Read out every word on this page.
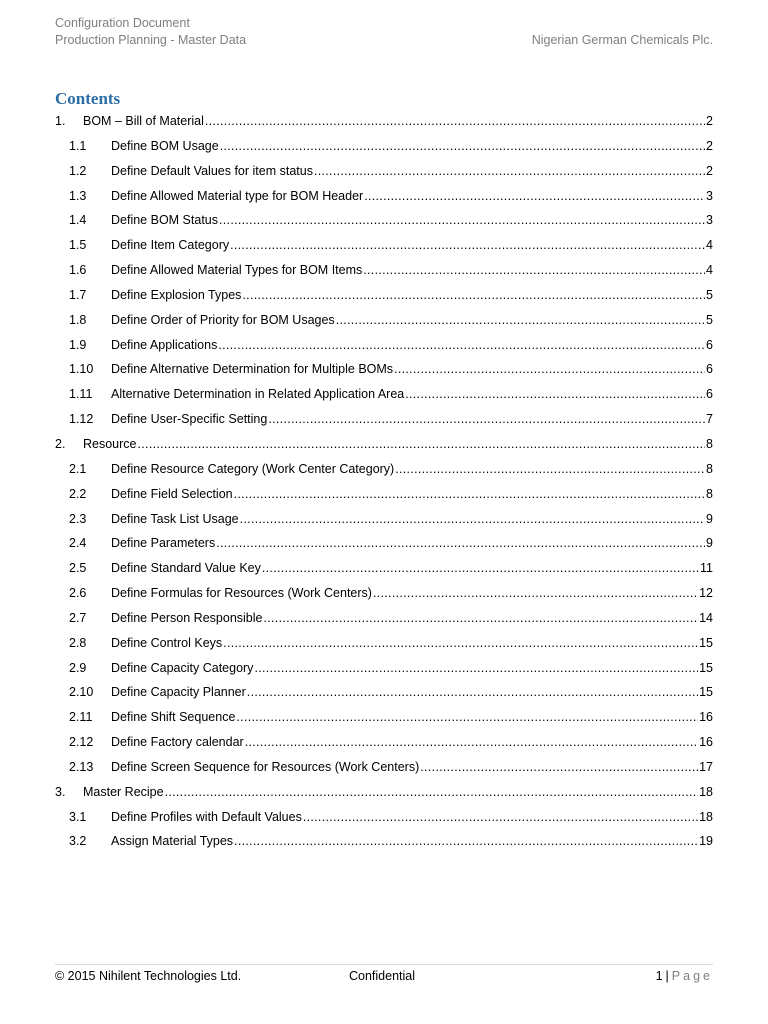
Configuration Document
Production Planning - Master Data	Nigerian German Chemicals Plc.
Contents
1.	BOM – Bill of Material .....	2
1.1	Define BOM Usage .....	2
1.2	Define Default Values for item status .....	2
1.3	Define Allowed Material type for BOM Header .....	3
1.4	Define BOM Status .....	3
1.5	Define Item Category .....	4
1.6	Define Allowed Material Types for BOM Items .....	4
1.7	Define Explosion Types .....	5
1.8	Define Order of Priority for BOM Usages .....	5
1.9	Define Applications .....	6
1.10	Define Alternative Determination for Multiple BOMs .....	6
1.11	Alternative Determination in Related Application Area .....	6
1.12	Define User-Specific Setting .....	7
2.	Resource .....	8
2.1	Define Resource Category (Work Center Category) .....	8
2.2	Define Field Selection .....	8
2.3	Define Task List Usage .....	9
2.4	Define Parameters .....	9
2.5	Define Standard Value Key .....	11
2.6	Define Formulas for Resources (Work Centers) .....	12
2.7	Define Person Responsible .....	14
2.8	Define Control Keys .....	15
2.9	Define Capacity Category .....	15
2.10	Define Capacity Planner .....	15
2.11	Define Shift Sequence .....	16
2.12	Define Factory calendar .....	16
2.13	Define Screen Sequence for Resources (Work Centers) .....	17
3.	Master Recipe .....	18
3.1	Define Profiles with Default Values .....	18
3.2	Assign Material Types .....	19
© 2015 Nihilent Technologies Ltd.	Confidential	1 | Page
